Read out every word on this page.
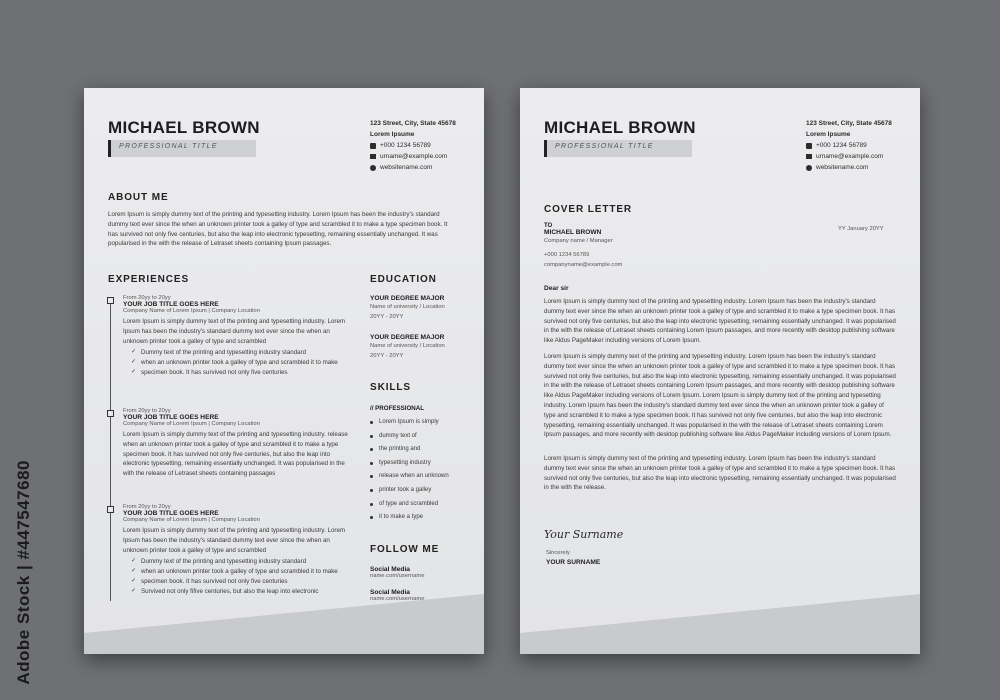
Adobe Stock | #447547680
MICHAEL BROWN
PROFESSIONAL TITLE
123 Street, City, State 45678
Lorem Ipsume
+000 1234 56789
urname@example.com
websitename.com
ABOUT ME
Lorem Ipsum is simply dummy text of the printing and typesetting industry. Lorem Ipsum has been the industry's standard dummy text ever since the when an unknown printer took a galley of type and scrambled it to make a type specimen book. It has survived not only five centuries, but also the leap into electronic typesetting, remaining essentially unchanged. It was popularised in the with the release of Letraset sheets containing Ipsum passages.
EXPERIENCES
From 20yy to 20yy
YOUR JOB TITLE GOES HERE
Company Name of Lorem Ipsum | Company Location
Lorem Ipsum is simply dummy text of the printing and typesetting industry. Lorem Ipsum has been the industry's standard dummy text ever since the when an unknown printer took a galley of type and scrambled
✓ Dummy text of the printing and typesetting industry standard
✓ when an unknown printer took a galley of type and scrambled it to make
✓ specimen book. It has survived not only five centuries
From 20yy to 20yy
YOUR JOB TITLE GOES HERE
Company Name of Lorem Ipsum | Company Location
Lorem Ipsum is simply dummy text of the printing and typesetting industry. release when an unknown printer took a galley of type and scrambled it to make a type specimen book. It has survived not only five centuries, but also the leap into electronic typesetting, remaining essentially unchanged. It was popularised in the with the release of Letraset sheets containing passages
From 20yy to 20yy
YOUR JOB TITLE GOES HERE
Company Name of Lorem Ipsum | Company Location
Lorem Ipsum is simply dummy text of the printing and typesetting industry. Lorem Ipsum has been the industry's standard dummy text ever since the when an unknown printer took a galley of type and scrambled
✓ Dummy text of the printing and typesetting industry standard
✓ when an unknown printer took a galley of type and scrambled it to make
✓ specimen book. It has survived not only five centuries
✓ Survived not only fifive centuries, but also the leap into electronic
EDUCATION
YOUR DEGREE MAJOR
Name of university / Location
20YY - 20YY
YOUR DEGREE MAJOR
Name of university / Location
20YY - 20YY
SKILLS
// PROFESSIONAL
Lorem Ipsum is simply
dummy text of
the printing and
typesetting industry
release when an unknown
printer took a galley
of type and scrambled
it to make a type
FOLLOW ME
Social Media
name.com/username
Social Media
name.com/username
MICHAEL BROWN
PROFESSIONAL TITLE
123 Street, City, State 45678
Lorem Ipsume
+000 1234 56789
urname@example.com
websitename.com
COVER LETTER
YY January 20YY
TO
MICHAEL BROWN
Company name / Manager
+000 1234 56789
companyname@example.com
Dear sir
Lorem Ipsum is simply dummy text of the printing and typesetting industry. Lorem Ipsum has been the industry's standard dummy text ever since the when an unknown printer took a galley of type and scrambled it to make a type specimen book. It has survived not only five centuries, but also the leap into electronic typesetting, remaining essentially unchanged. It was popularised in the with the release of Letraset sheets containing Lorem Ipsum passages, and more recently with desktop publishing software like Aldus PageMaker including versions of Lorem Ipsum.
Lorem Ipsum is simply dummy text of the printing and typesetting industry. Lorem Ipsum has been the industry's standard dummy text ever since the when an unknown printer took a galley of type and scrambled it to make a type specimen book. It has survived not only five centuries, but also the leap into electronic typesetting, remaining essentially unchanged. It was popularised in the with the release of Letraset sheets containing Lorem Ipsum passages, and more recently with desktop publishing software like Aldus PageMaker including versions of Lorem Ipsum. Lorem Ipsum is simply dummy text of the printing and typesetting industry. Lorem Ipsum has been the industry's standard dummy text ever since the when an unknown printer took a galley of type and scrambled it to make a type specimen book. It has survived not only five centuries, but also the leap into electronic typesetting, remaining essentially unchanged. It was popularised in the with the release of Letraset sheets containing Lorem Ipsum passages, and more recently with desktop publishing software like Aldus PageMaker including versions of Lorem Ipsum.
Lorem Ipsum is simply dummy text of the printing and typesetting industry. Lorem Ipsum has been the industry's standard dummy text ever since the when an unknown printer took a galley of type and scrambled it to make a type specimen book. It has survived not only five centuries, but also the leap into electronic typesetting, remaining essentially unchanged. It was popularised in the with the release.
Your Surname
Sincerely
YOUR SURNAME
